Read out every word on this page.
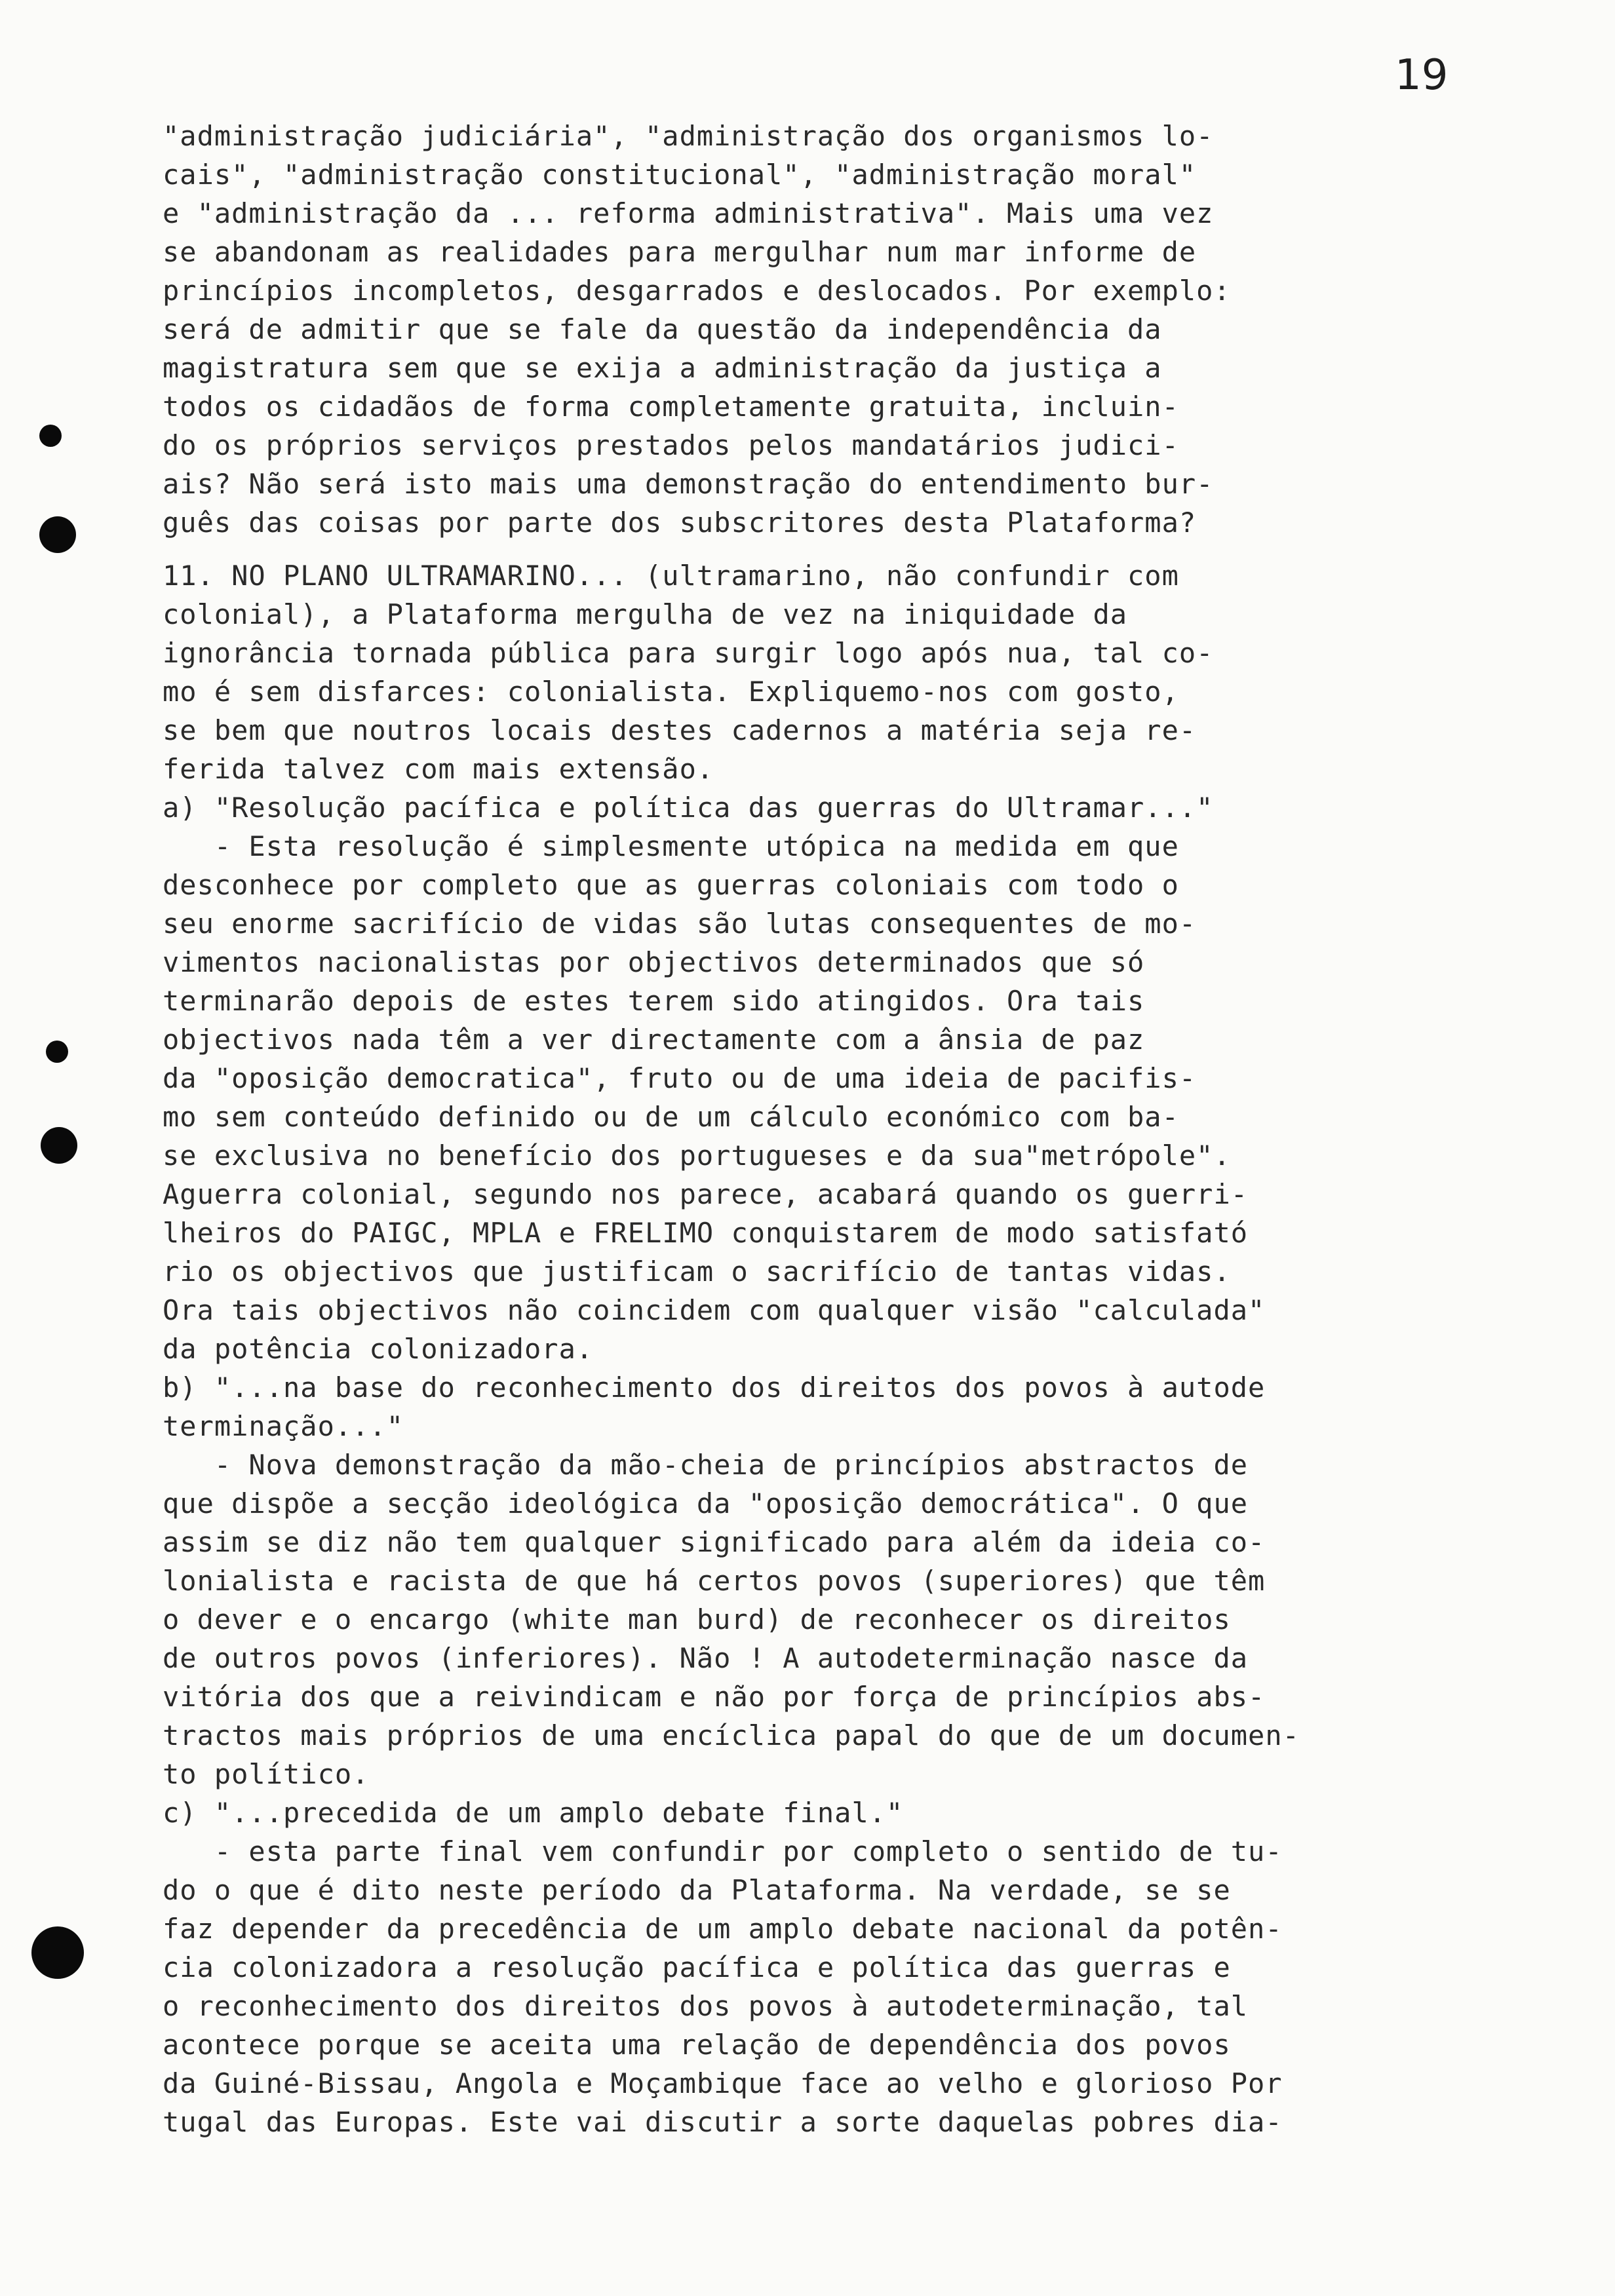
19
"administração judiciária", "administração dos organismos lo-
cais", "administração constitucional", "administração moral"
e "administração da ... reforma administrativa". Mais uma vez
se abandonam as realidades para mergulhar num mar informe de
princípios incompletos, desgarrados e deslocados. Por exemplo:
será de admitir que se fale da questão da independência da
magistratura sem que se exija a administração da justiça a
todos os cidadãos de forma completamente gratuita, incluin-
do os próprios serviços prestados pelos mandatários judici-
ais? Não será isto mais uma demonstração do entendimento bur-
guês das coisas por parte dos subscritores desta Plataforma?
11. NO PLANO ULTRAMARINO... (ultramarino, não confundir com
colonial), a Plataforma mergulha de vez na iniquidade da
ignorância tornada pública para surgir logo após nua, tal co-
mo é sem disfarces: colonialista. Expliquemo-nos com gosto,
se bem que noutros locais destes cadernos a matéria seja re-
ferida talvez com mais extensão.
a) "Resolução pacífica e política das guerras do Ultramar..."
- Esta resolução é simplesmente utópica na medida em que
desconhece por completo que as guerras coloniais com todo o
seu enorme sacrifício de vidas são lutas consequentes de mo-
vimentos nacionalistas por objectivos determinados que só
terminarão depois de estes terem sido atingidos. Ora tais
objectivos nada têm a ver directamente com a ânsia de paz
da "oposição democratica", fruto ou de uma ideia de pacifis-
mo sem conteúdo definido ou de um cálculo económico com ba-
se exclusiva no benefício dos portugueses e da sua"metrópole".
Aguerra colonial, segundo nos parece, acabará quando os guerri-
lheiros do PAIGC, MPLA e FRELIMO conquistarem de modo satisfató
rio os objectivos que justificam o sacrifício de tantas vidas.
Ora tais objectivos não coincidem com qualquer visão "calculada"
da potência colonizadora.
b) "...na base do reconhecimento dos direitos dos povos à autode
terminação..."
- Nova demonstração da mão-cheia de princípios abstractos de
que dispõe a secção ideológica da "oposição democrática". O que
assim se diz não tem qualquer significado para além da ideia co-
lonialista e racista de que há certos povos (superiores) que têm
o dever e o encargo (white man burd) de reconhecer os direitos
de outros povos (inferiores). Não ! A autodeterminação nasce da
vitória dos que a reivindicam e não por força de princípios abs-
tractos mais próprios de uma encíclica papal do que de um documen-
to político.
c) "...precedida de um amplo debate final."
- esta parte final vem confundir por completo o sentido de tu-
do o que é dito neste período da Plataforma. Na verdade, se se
faz depender da precedência de um amplo debate nacional da potên-
cia colonizadora a resolução pacífica e política das guerras e
o reconhecimento dos direitos dos povos à autodeterminação, tal
acontece porque se aceita uma relação de dependência dos povos
da Guiné-Bissau, Angola e Moçambique face ao velho e glorioso Por
tugal das Europas. Este vai discutir a sorte daquelas pobres dia-
